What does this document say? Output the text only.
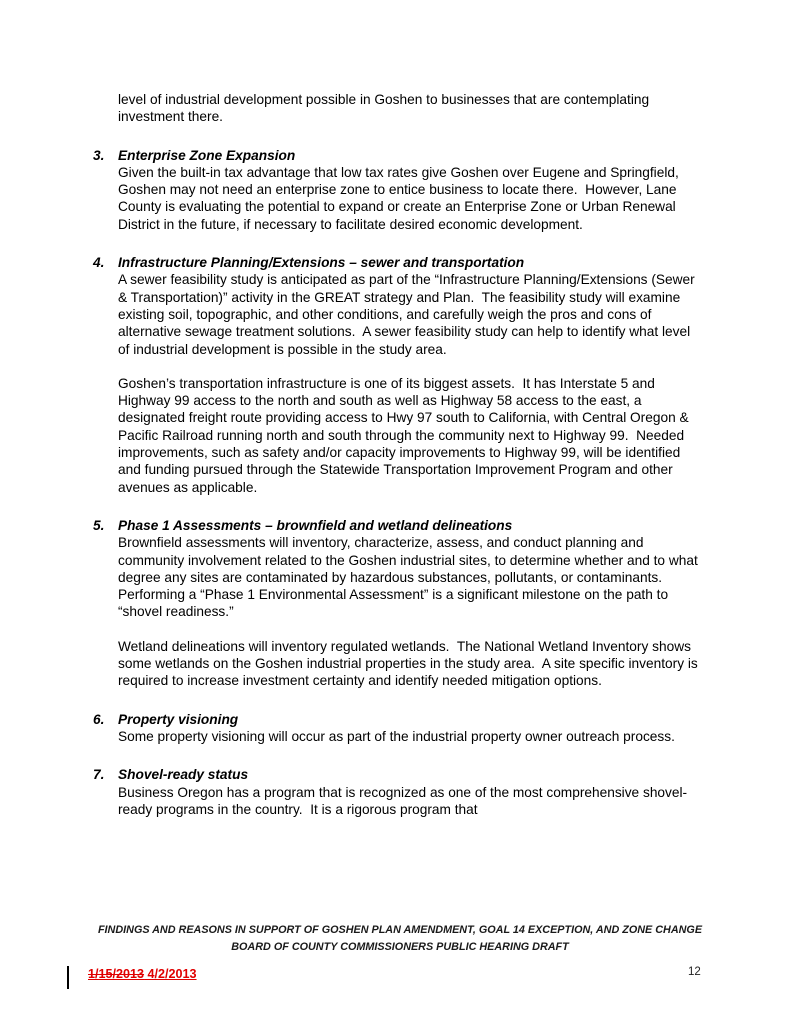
level of industrial development possible in Goshen to businesses that are contemplating investment there.

3. Enterprise Zone Expansion

Given the built-in tax advantage that low tax rates give Goshen over Eugene and Springfield, Goshen may not need an enterprise zone to entice business to locate there.  However, Lane County is evaluating the potential to expand or create an Enterprise Zone or Urban Renewal District in the future, if necessary to facilitate desired economic development.

4. Infrastructure Planning/Extensions – sewer and transportation

A sewer feasibility study is anticipated as part of the “Infrastructure Planning/Extensions (Sewer & Transportation)” activity in the GREAT strategy and Plan.  The feasibility study will examine existing soil, topographic, and other conditions, and carefully weigh the pros and cons of alternative sewage treatment solutions.  A sewer feasibility study can help to identify what level of industrial development is possible in the study area.

Goshen’s transportation infrastructure is one of its biggest assets.  It has Interstate 5 and Highway 99 access to the north and south as well as Highway 58 access to the east, a designated freight route providing access to Hwy 97 south to California, with Central Oregon & Pacific Railroad running north and south through the community next to Highway 99.  Needed improvements, such as safety and/or capacity improvements to Highway 99, will be identified and funding pursued through the Statewide Transportation Improvement Program and other avenues as applicable.

5. Phase 1 Assessments – brownfield and wetland delineations

Brownfield assessments will inventory, characterize, assess, and conduct planning and community involvement related to the Goshen industrial sites, to determine whether and to what degree any sites are contaminated by hazardous substances, pollutants, or contaminants.  Performing a “Phase 1 Environmental Assessment” is a significant milestone on the path to “shovel readiness.”

Wetland delineations will inventory regulated wetlands.  The National Wetland Inventory shows some wetlands on the Goshen industrial properties in the study area.  A site specific inventory is required to increase investment certainty and identify needed mitigation options.

6. Property visioning

Some property visioning will occur as part of the industrial property owner outreach process.

7. Shovel-ready status

Business Oregon has a program that is recognized as one of the most comprehensive shovel-ready programs in the country.  It is a rigorous program that

FINDINGS AND REASONS IN SUPPORT OF GOSHEN PLAN AMENDMENT, GOAL 14 EXCEPTION, AND ZONE CHANGE
BOARD OF COUNTY COMMISSIONERS PUBLIC HEARING DRAFT
1/15/2013 4/2/2013	12
